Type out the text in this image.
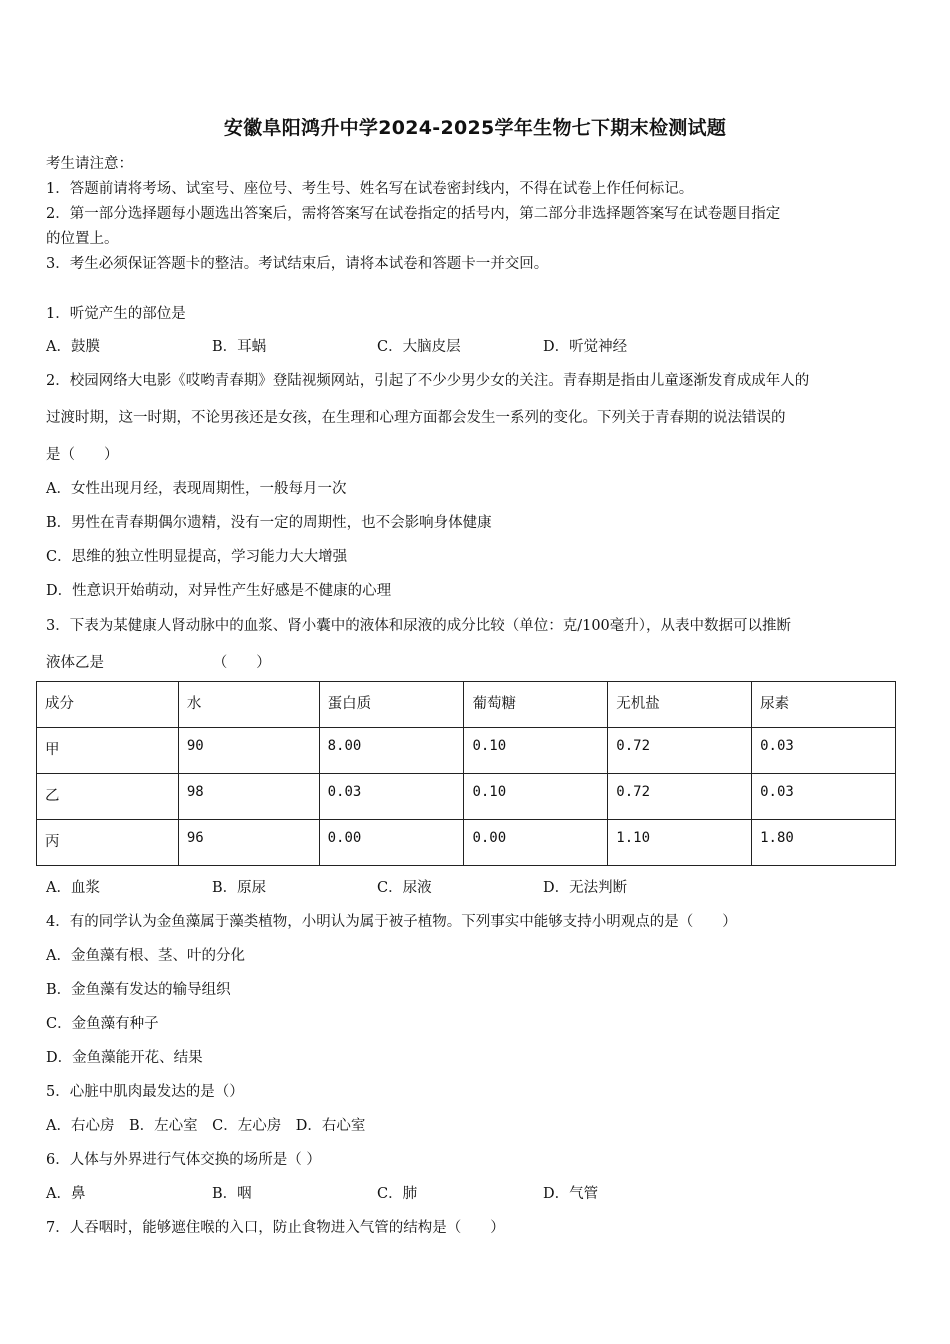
安徽阜阳鸿升中学2024-2025学年生物七下期末检测试题
考生请注意：
1．答题前请将考场、试室号、座位号、考生号、姓名写在试卷密封线内，不得在试卷上作任何标记。
2．第一部分选择题每小题选出答案后，需将答案写在试卷指定的括号内，第二部分非选择题答案写在试卷题目指定
的位置上。
3．考生必须保证答题卡的整洁。考试结束后，请将本试卷和答题卡一并交回。
1．听觉产生的部位是
A．鼓膜	B．耳蜗	C．大脑皮层	D．听觉神经
2．校园网络大电影《哎哟青春期》登陆视频网站，引起了不少少男少女的关注。青春期是指由儿童逐渐发育成成年人的
过渡时期，这一时期，不论男孩还是女孩，在生理和心理方面都会发生一系列的变化。下列关于青春期的说法错误的
是（　　）
A．女性出现月经，表现周期性，一般每月一次
B．男性在青春期偶尔遗精，没有一定的周期性，也不会影响身体健康
C．思维的独立性明显提高，学习能力大大增强
D．性意识开始萌动，对异性产生好感是不健康的心理
3．下表为某健康人肾动脉中的血浆、肾小囊中的液体和尿液的成分比较（单位：克/100毫升），从表中数据可以推断
液体乙是　　　　　　　　（　　）
成分	水	蛋白质	葡萄糖	无机盐	尿素
甲	90	8.00	0.10	0.72	0.03
乙	98	0.03	0.10	0.72	0.03
丙	96	0.00	0.00	1.10	1.80
A．血浆	B．原尿	C．尿液	D．无法判断
4．有的同学认为金鱼藻属于藻类植物，小明认为属于被子植物。下列事实中能够支持小明观点的是（　　）
A．金鱼藻有根、茎、叶的分化
B．金鱼藻有发达的输导组织
C．金鱼藻有种子
D．金鱼藻能开花、结果
5．心脏中肌肉最发达的是（）
A．右心房　B．左心室　C．左心房　D．右心室
6．人体与外界进行气体交换的场所是（ ）
A．鼻	B．咽	C．肺	D．气管
7．人吞咽时，能够遮住喉的入口，防止食物进入气管的结构是（　　）
